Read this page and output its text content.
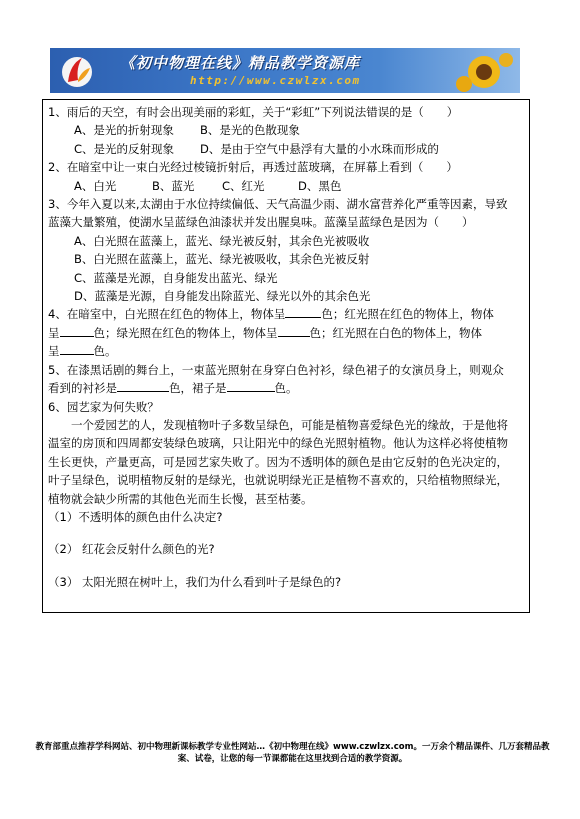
《初中物理在线》精品教学资源库
http://www.czwlzx.com

1、雨后的天空，有时会出现美丽的彩虹，关于“彩虹”下列说法错误的是（　　）

A、是光的折射现象 B、是光的色散现象

C、是光的反射现象 D、是由于空气中悬浮有大量的小水珠而形成的

2、在暗室中让一束白光经过棱镜折射后，再透过蓝玻璃，在屏幕上看到（　　）

A、白光	B、蓝光 C、红光	D、黑色

3、今年入夏以来,太湖由于水位持续偏低、天气高温少雨、湖水富营养化严重等因素，导致

蓝藻大量繁殖，使湖水呈蓝绿色油漆状并发出腥臭味。蓝藻呈蓝绿色是因为（　　）

A、白光照在蓝藻上，蓝光、绿光被反射，其余色光被吸收

B、白光照在蓝藻上，蓝光、绿光被吸收，其余色光被反射

C、蓝藻是光源，自身能发出蓝光、绿光

D、蓝藻是光源，自身能发出除蓝光、绿光以外的其余色光

4、在暗室中，白光照在红色的物体上，物体呈	色；红光照在红色的物体上，物体

呈	色；绿光照在红色的物体上，物体呈	色；红光照在白色的物体上，物体

呈	色。

5、在漆黑话剧的舞台上，一束蓝光照射在身穿白色衬衫，绿色裙子的女演员身上，则观众

看到的衬衫是	色，裙子是	色。

6、园艺家为何失败？

一个爱园艺的人，发现植物叶子多数呈绿色，可能是植物喜爱绿色光的缘故，于是他将温室的房顶和四周都安装绿色玻璃，只让阳光中的绿色光照射植物。他认为这样必将使植物生长更快，产量更高，可是园艺家失败了。因为不透明体的颜色是由它反射的色光决定的，叶子呈绿色，说明植物反射的是绿光，也就说明绿光正是植物不喜欢的，只给植物照绿光，植物就会缺少所需的其他色光而生长慢，甚至枯萎。

（1）不透明体的颜色由什么决定?

（2） 红花会反射什么颜色的光?

（3） 太阳光照在树叶上，我们为什么看到叶子是绿色的?

教育部重点推荐学科网站、初中物理新课标教学专业性网站…《初中物理在线》www.czwlzx.com。一万余个精品课件、几万套精品教案、试卷，让您的每一节课都能在这里找到合适的教学资源。
